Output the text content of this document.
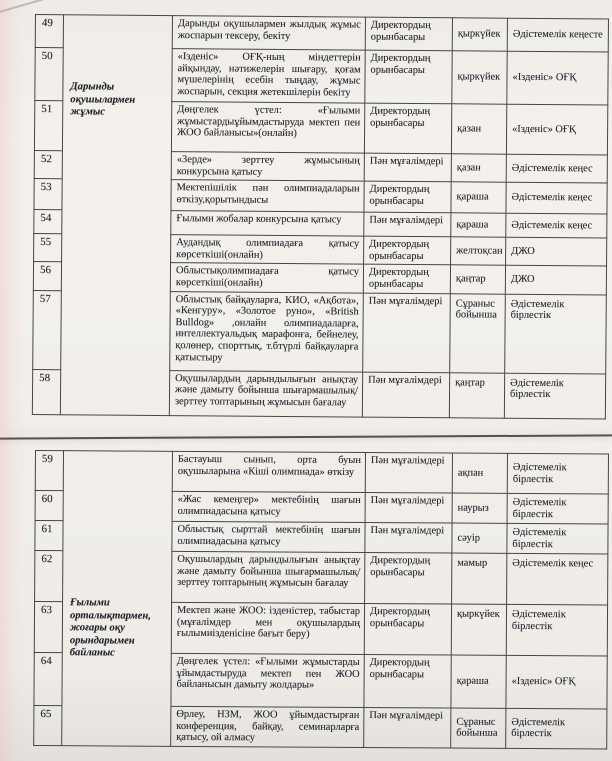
49	Дарынды оқушылармен жұмыс	Дарынды оқушылармен жылдық жұмыс жоспарын тексеру, бекіту	Директордың орынбасары	қыркүйек	Әдістемелік кеңесте
50		«Ізденіс» ОҒҚ-ның міндеттерін айқындау, нәтижелерін шығару, қоғам мүшелерінің есебін тыңдау, жұмыс жоспарын, секция жетекшілерін бекіту	Директордың орынбасары	қыркүйек	«Ізденіс» ОҒҚ
51		Дөңгелек үстел: «Ғылыми жұмыстардыұйымдастыруда мектеп пен ЖОО байланысы»(онлайн)	Директордың орынбасары	қазан	«Ізденіс» ОҒҚ
52		«Зерде» зерттеу жұмысының конкурсына қатысу	Пән мұғалімдері	қазан	Әдістемелік кеңес
53		Мектепішілік пән олимпиадаларын өткізу,қорытындысы	Директордың орынбасары	қараша	Әдістемелік кеңес
54		Ғылыми жобалар конкурсына қатысу	Пән мұғалімдері	қараша	Әдістемелік кеңес
55		Аудандық олимпиадаға қатысу көрсеткіші(онлайн)	Директордың орынбасары	желтоқсан	ДЖО
56		Облыстықолимпиадаға қатысу көрсеткіші(онлайн)	Директордың орынбасары	қаңтар	ДЖО
57		Облыстық байқауларға, КИО, «Ақбота», «Кенгуру», «Золотое руно», «British Bulldog» ,онлайн олимпиадаларға, интеллектуальдық марафонға, бейнелеу, қолөнер, спорттық, т.бтүрлі байқауларға қатыстыру	Пән мұғалімдері	Сұраныс бойынша	Әдістемелік бірлестік
58		Оқушылардың дарындылығын анықтау және дамыту бойынша шығармашылық/ зерттеу топтарының жұмысын бағалау	Пән мұғалімдері	қаңтар	Әдістемелік бірлестік
59	Ғылыми орталықтармен, жоғары оқу орындарымен байланыс	Бастауыш сынып, орта буын оқушыларына «Кіші олимпиада» өткізу	Пән мұғалімдері	ақпан	Әдістемелік бірлестік
60		«Жас кемеңгер» мектебінің шағын олимпиадасына қатысу	Пән мұғалімдері	наурыз	Әдістемелік бірлестік
61		Облыстық сырттай мектебінің шағын олимпиадасына қатысу	Пән мұғалімдері	сәуір	Әдістемелік бірлестік
62		Оқушылардың дарындылығын анықтау және дамыту бойынша шығармашылық/ зерттеу топтарының жұмысын бағалау	Директордың орынбасары	мамыр	Әдістемелік кеңес
63		Мектеп және ЖОО: ізденістер, табыстар (мұғалімдер мен оқушылардың ғылымиізденісіне бағыт беру)	Директордың орынбасары	қыркүйек	Әдістемелік бірлестік
64		Дөңгелек үстел: «Ғылыми жұмыстарды ұйымдастыруда мектеп пен ЖОО байланысын дамыту жолдары»	Директордың орынбасары	қараша	«Ізденіс» ОҒҚ
65		Өрлеу, НЗМ, ЖОО ұйымдастырған конференция, байқау, семинарларға қатысу, ой алмасу	Пән мұғалімдері	Сұраныс бойынша	Әдістемелік бірлестік
